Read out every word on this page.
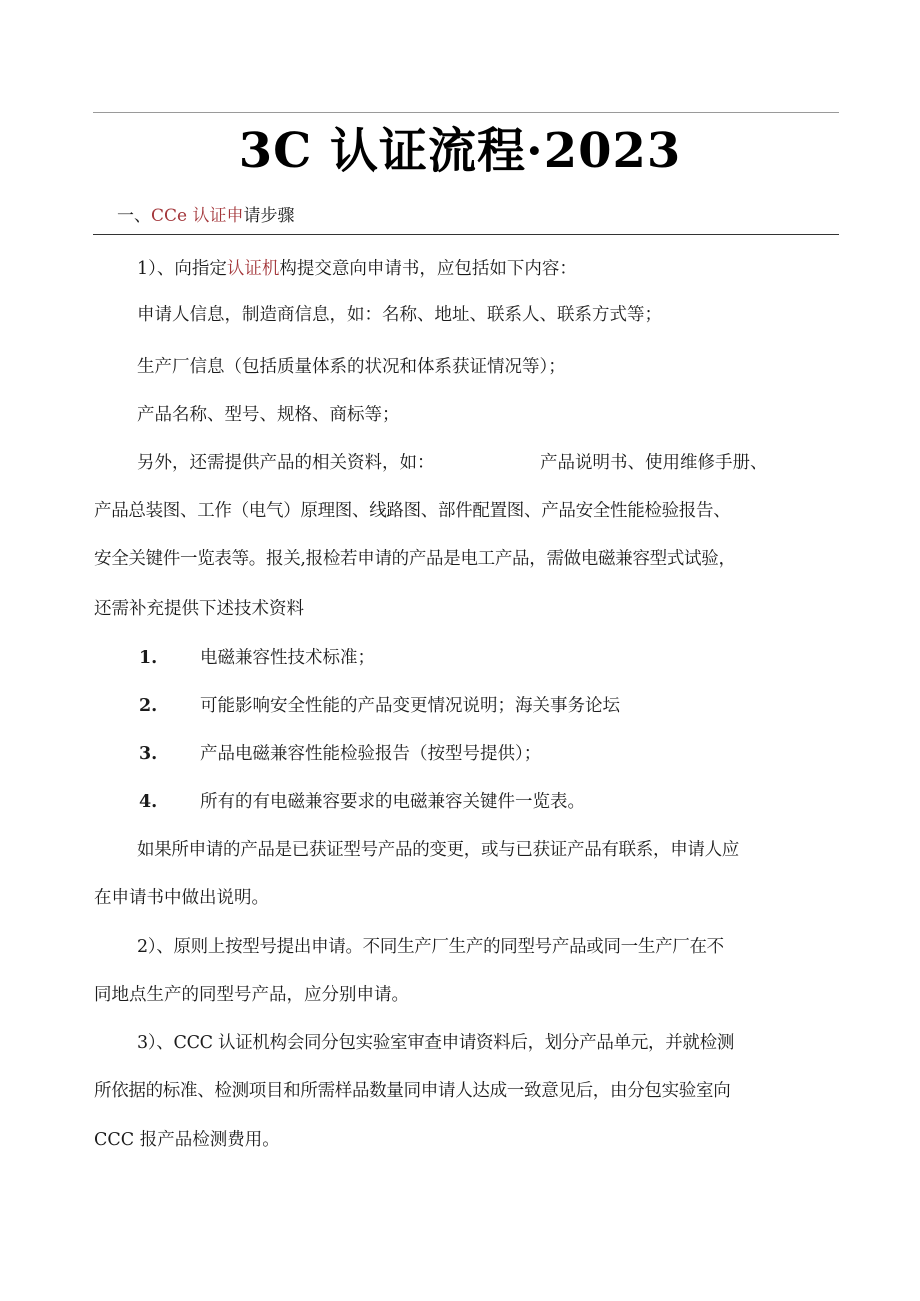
3C 认证流程·2023
一、CCe 认证申请步骤
1）、向指定认证机构提交意向申请书，应包括如下内容：
申请人信息，制造商信息，如：名称、地址、联系人、联系方式等；
生产厂信息（包括质量体系的状况和体系获证情况等）；
产品名称、型号、规格、商标等；
另外，还需提供产品的相关资料，如：	产品说明书、使用维修手册、
产品总装图、工作（电气）原理图、线路图、部件配置图、产品安全性能检验报告、
安全关键件一览表等。报关,报检若申请的产品是电工产品，需做电磁兼容型式试验，
还需补充提供下述技术资料
1. 电磁兼容性技术标准；
2. 可能影响安全性能的产品变更情况说明；海关事务论坛
3. 产品电磁兼容性能检验报告（按型号提供）；
4. 所有的有电磁兼容要求的电磁兼容关键件一览表。
如果所申请的产品是已获证型号产品的变更，或与已获证产品有联系，申请人应
在申请书中做出说明。
2）、原则上按型号提出申请。不同生产厂生产的同型号产品或同一生产厂在不
同地点生产的同型号产品，应分别申请。
3）、CCC 认证机构会同分包实验室审查申请资料后，划分产品单元，并就检测
所依据的标准、检测项目和所需样品数量同申请人达成一致意见后，由分包实验室向
CCC 报产品检测费用。
